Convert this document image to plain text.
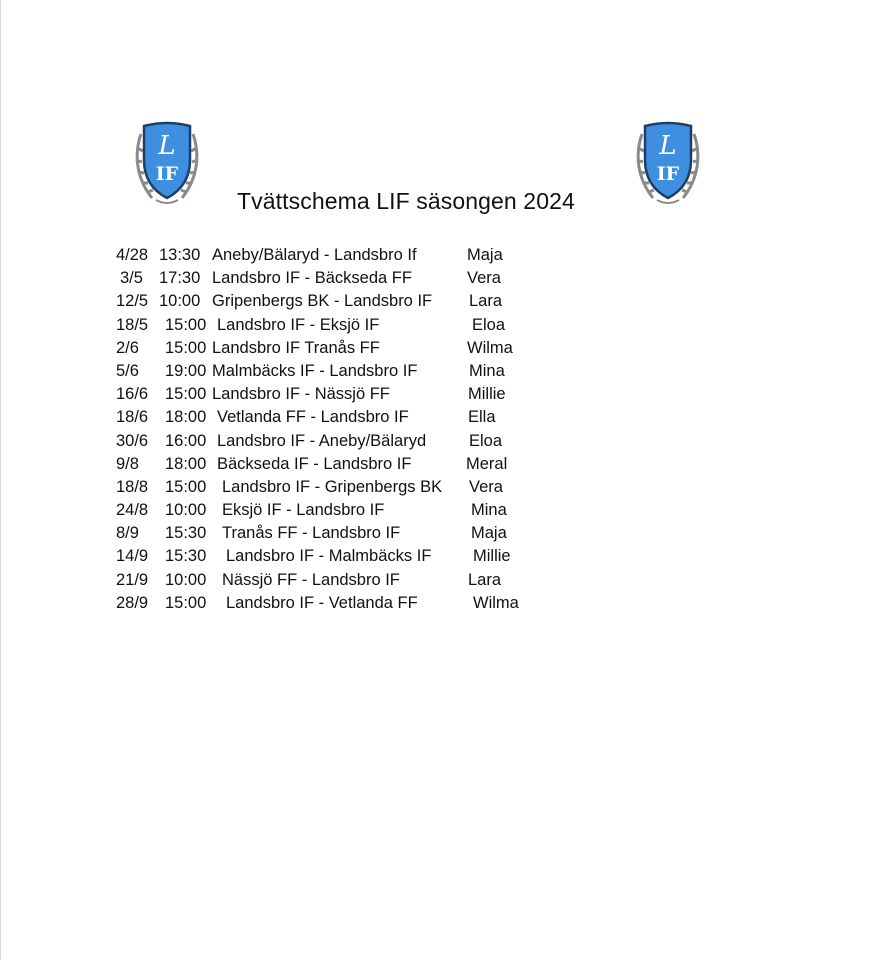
L
IF
L
IF
Tvättschema LIF säsongen 2024
4/28 13:30 Aneby/Bälaryd - Landsbro If	Maja
3/5 17:30 Landsbro IF - Bäckseda FF	Vera
12/5 10:00 Gripenbergs BK - Landsbro IF Lara
18/5 15:00 Landsbro IF - Eksjö IF	Eloa
2/6 15:00 Landsbro IF Tranås FF	Wilma
5/6 19:00 Malmbäcks IF - Landsbro IF	Mina
16/6 15:00 Landsbro IF - Nässjö FF	Millie
18/6 18:00 Vetlanda FF - Landsbro IF	Ella
30/6 16:00 Landsbro IF - Aneby/Bälaryd	Eloa
9/8 18:00 Bäckseda IF - Landsbro IF	Meral
18/8 15:00 Landsbro IF - Gripenbergs BK Vera
24/8 10:00 Eksjö IF - Landsbro IF	Mina
8/9 15:30 Tranås FF - Landsbro IF	Maja
14/9 15:30 Landsbro IF - Malmbäcks IF	Millie
21/9 10:00 Nässjö FF - Landsbro IF	Lara
28/9 15:00 Landsbro IF - Vetlanda FF	Wilma
